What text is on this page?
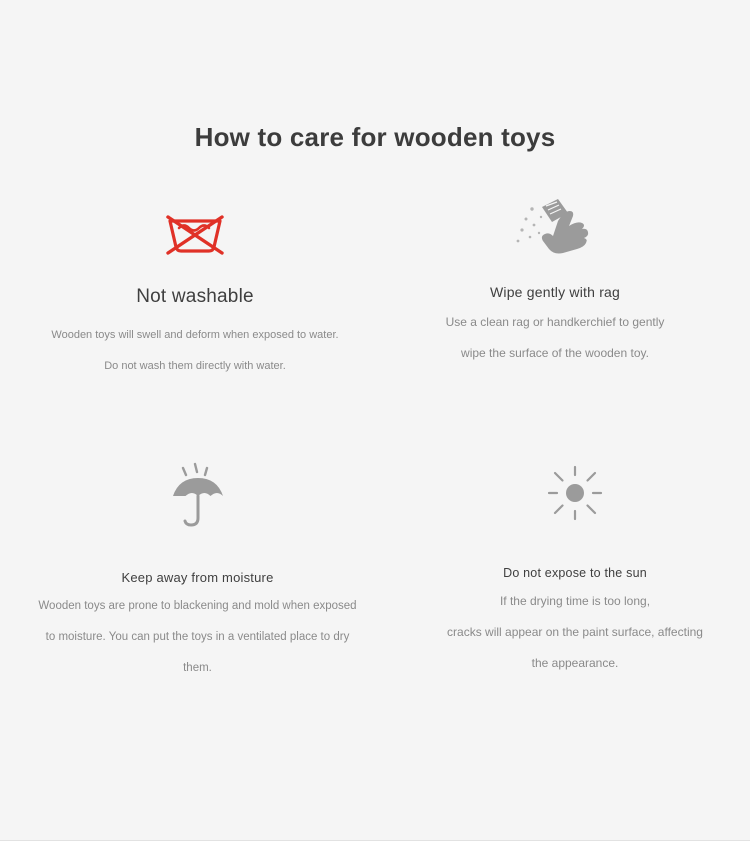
How to care for wooden toys
Not washable
Wooden toys will swell and deform when exposed to water.
Do not wash them directly with water.
Wipe gently with rag
Use a clean rag or handkerchief to gently
wipe the surface of the wooden toy.
Keep away from moisture
Wooden toys are prone to blackening and mold when exposed
to moisture. You can put the toys in a ventilated place to dry them.
Do not expose to the sun
If the drying time is too long,
cracks will appear on the paint surface, affecting
the appearance.
